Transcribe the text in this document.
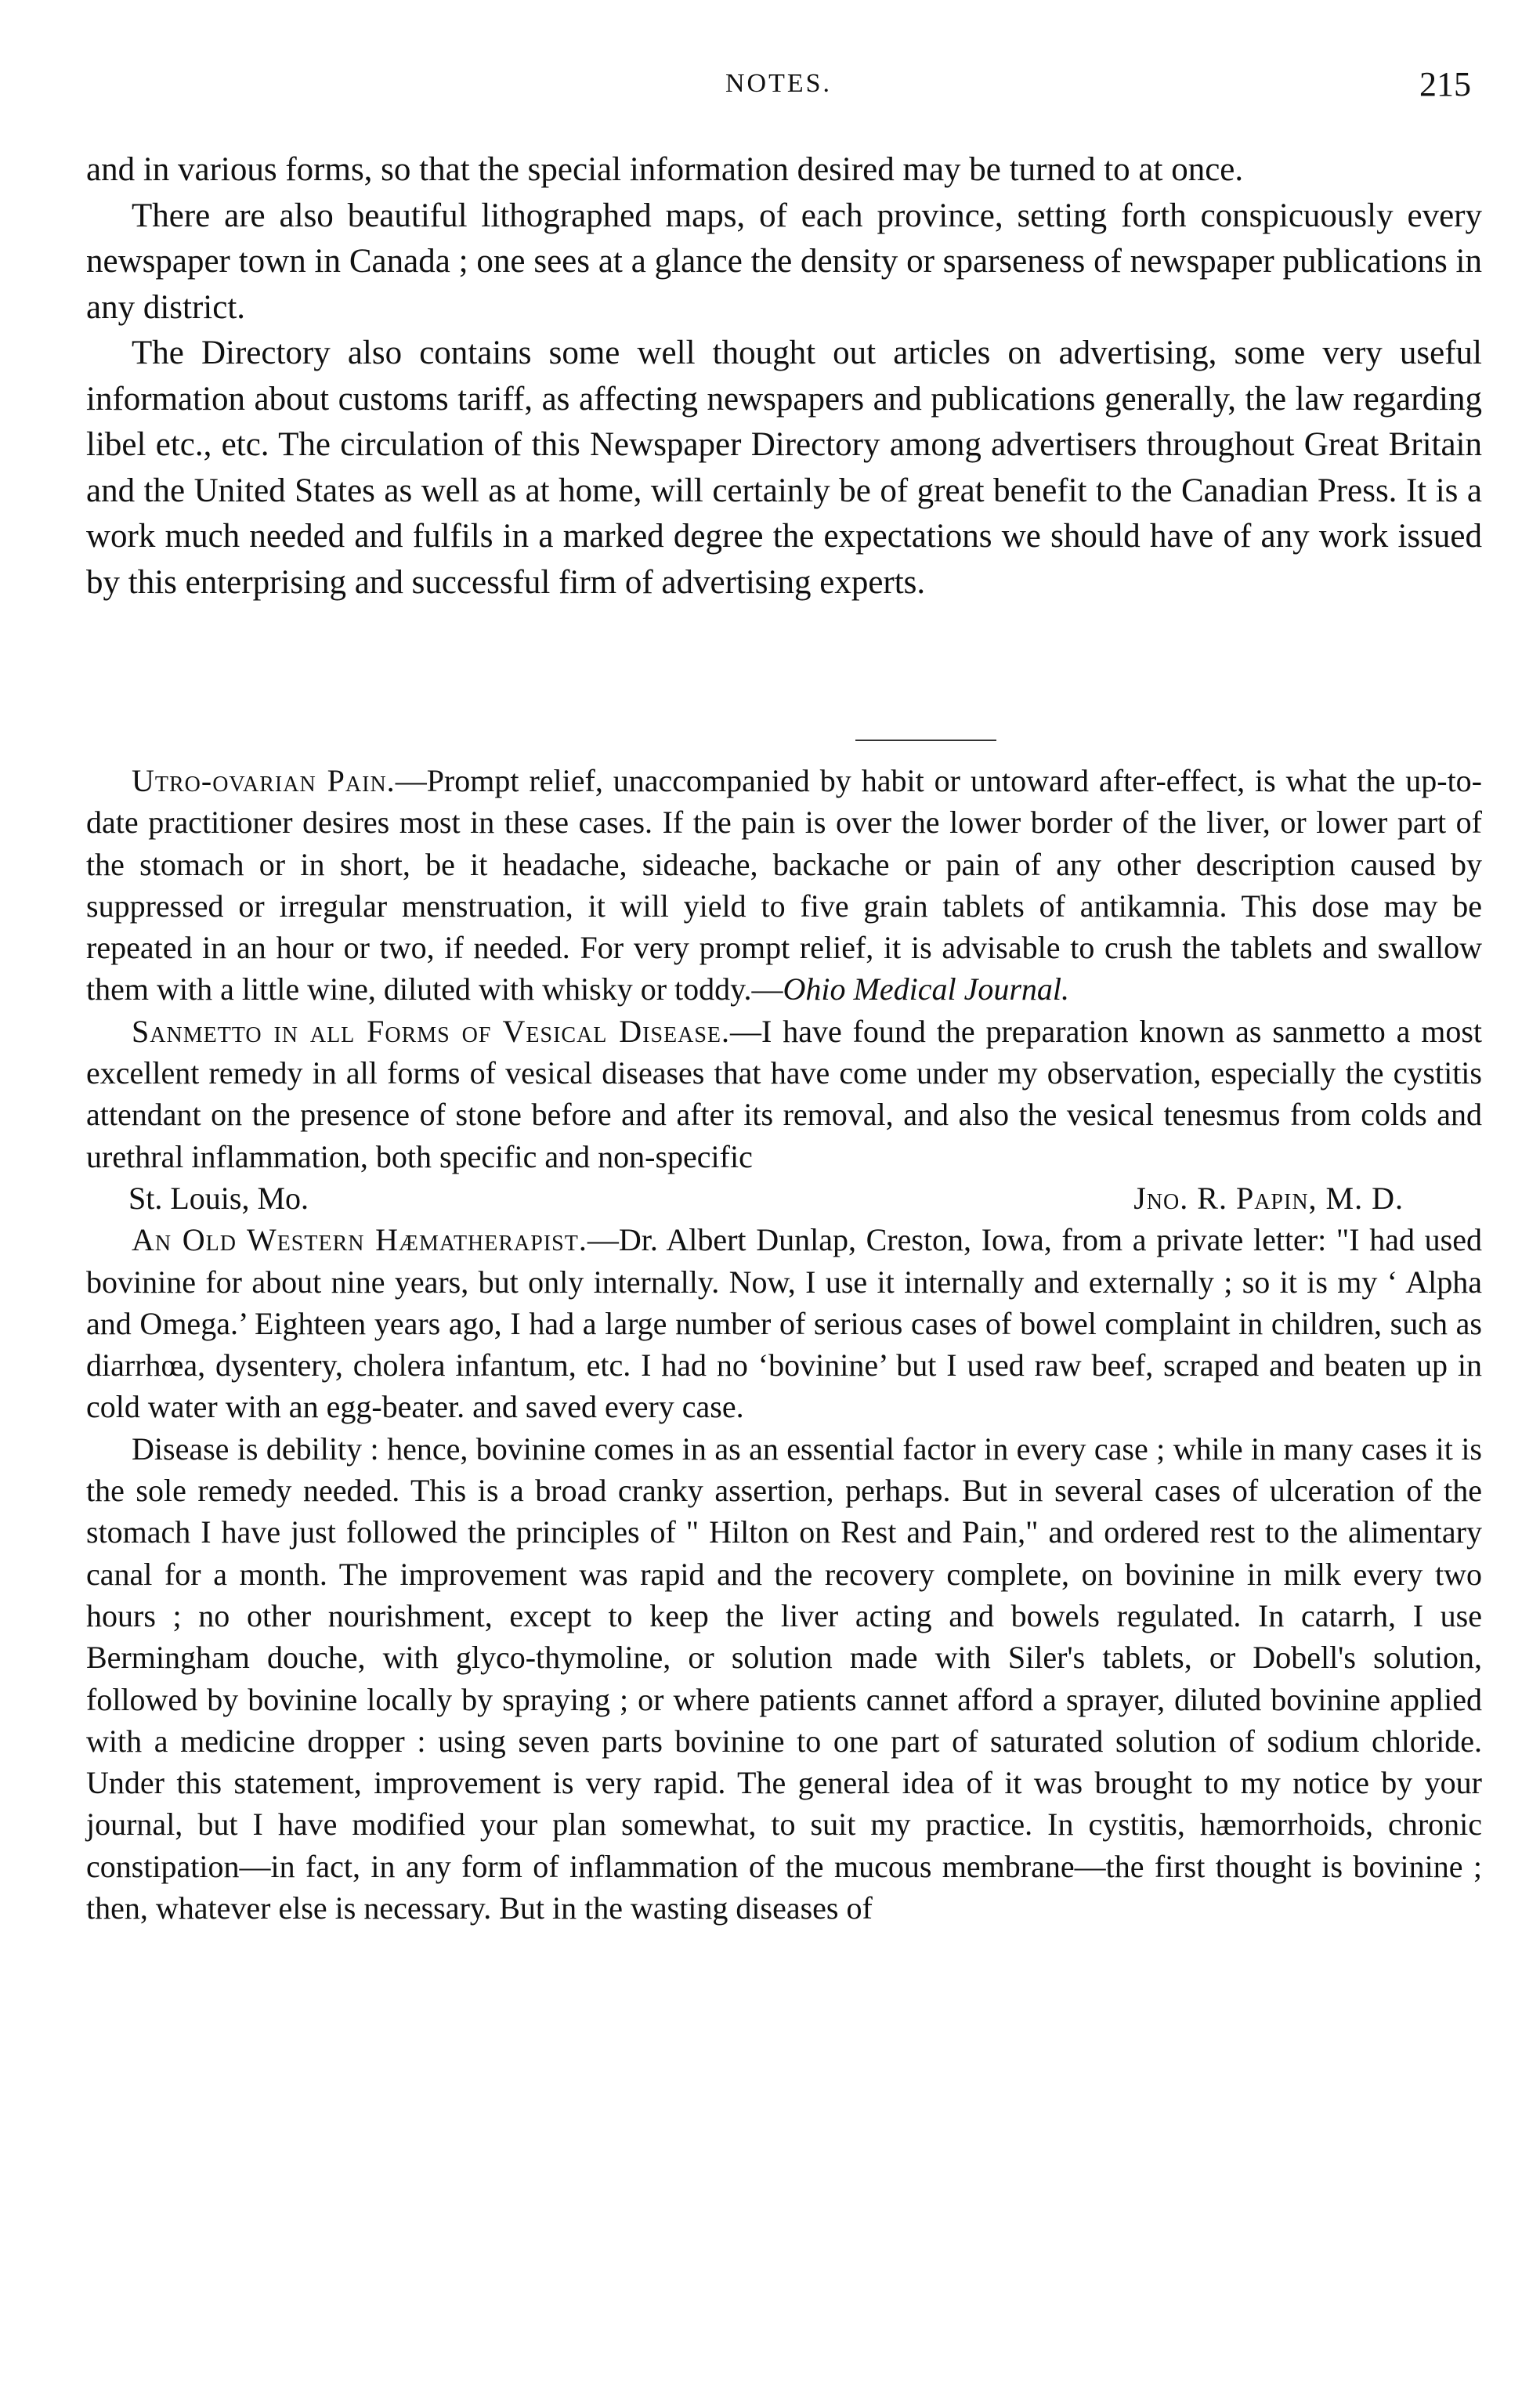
NOTES.	215

and in various forms, so that the special information desired may be turned to at once.

There are also beautiful lithographed maps, of each province, setting forth conspicuously every newspaper town in Canada ; one sees at a glance the density or sparseness of newspaper publications in any district.

The Directory also contains some well thought out articles on advertising, some very useful information about customs tariff, as affecting newspapers and publications generally, the law regarding libel etc., etc. The circulation of this Newspaper Directory among advertisers throughout Great Britain and the United States as well as at home, will certainly be of great benefit to the Canadian Press. It is a work much needed and fulfils in a marked degree the expectations we should have of any work issued by this enterprising and successful firm of advertising experts.

Utro-ovarian Pain.—Prompt relief, unaccompanied by habit or untoward after-effect, is what the up-to-date practitioner desires most in these cases. If the pain is over the lower border of the liver, or lower part of the stomach or in short, be it headache, sideache, backache or pain of any other description caused by suppressed or irregular menstruation, it will yield to five grain tablets of antikamnia. This dose may be repeated in an hour or two, if needed. For very prompt relief, it is advisable to crush the tablets and swallow them with a little wine, diluted with whisky or toddy.—Ohio Medical Journal.

Sanmetto in all Forms of Vesical Disease.—I have found the preparation known as sanmetto a most excellent remedy in all forms of vesical diseases that have come under my observation, especially the cystitis attendant on the presence of stone before and after its removal, and also the vesical tenesmus from colds and urethral inflammation, both specific and non-specific

St. Louis, Mo.	Jno. R. Papin, M. D.

An Old Western Hæmatherapist.—Dr. Albert Dunlap, Creston, Iowa, from a private letter: "I had used bovinine for about nine years, but only internally. Now, I use it internally and externally ; so it is my ‘ Alpha and Omega.’ Eighteen years ago, I had a large number of serious cases of bowel complaint in children, such as diarrhœa, dysentery, cholera infantum, etc. I had no ‘bovinine’ but I used raw beef, scraped and beaten up in cold water with an egg-beater. and saved every case.

Disease is debility : hence, bovinine comes in as an essential factor in every case ; while in many cases it is the sole remedy needed. This is a broad cranky assertion, perhaps. But in several cases of ulceration of the stomach I have just followed the principles of " Hilton on Rest and Pain," and ordered rest to the alimentary canal for a month. The improvement was rapid and the recovery complete, on bovinine in milk every two hours ; no other nourishment, except to keep the liver acting and bowels regulated. In catarrh, I use Bermingham douche, with glyco-thymoline, or solution made with Siler's tablets, or Dobell's solution, followed by bovinine locally by spraying ; or where patients cannet afford a sprayer, diluted bovinine applied with a medicine dropper : using seven parts bovinine to one part of saturated solution of sodium chloride. Under this statement, improvement is very rapid. The general idea of it was brought to my notice by your journal, but I have modified your plan somewhat, to suit my practice. In cystitis, hæmorrhoids, chronic constipation—in fact, in any form of inflammation of the mucous membrane—the first thought is bovinine ; then, whatever else is necessary. But in the wasting diseases of
